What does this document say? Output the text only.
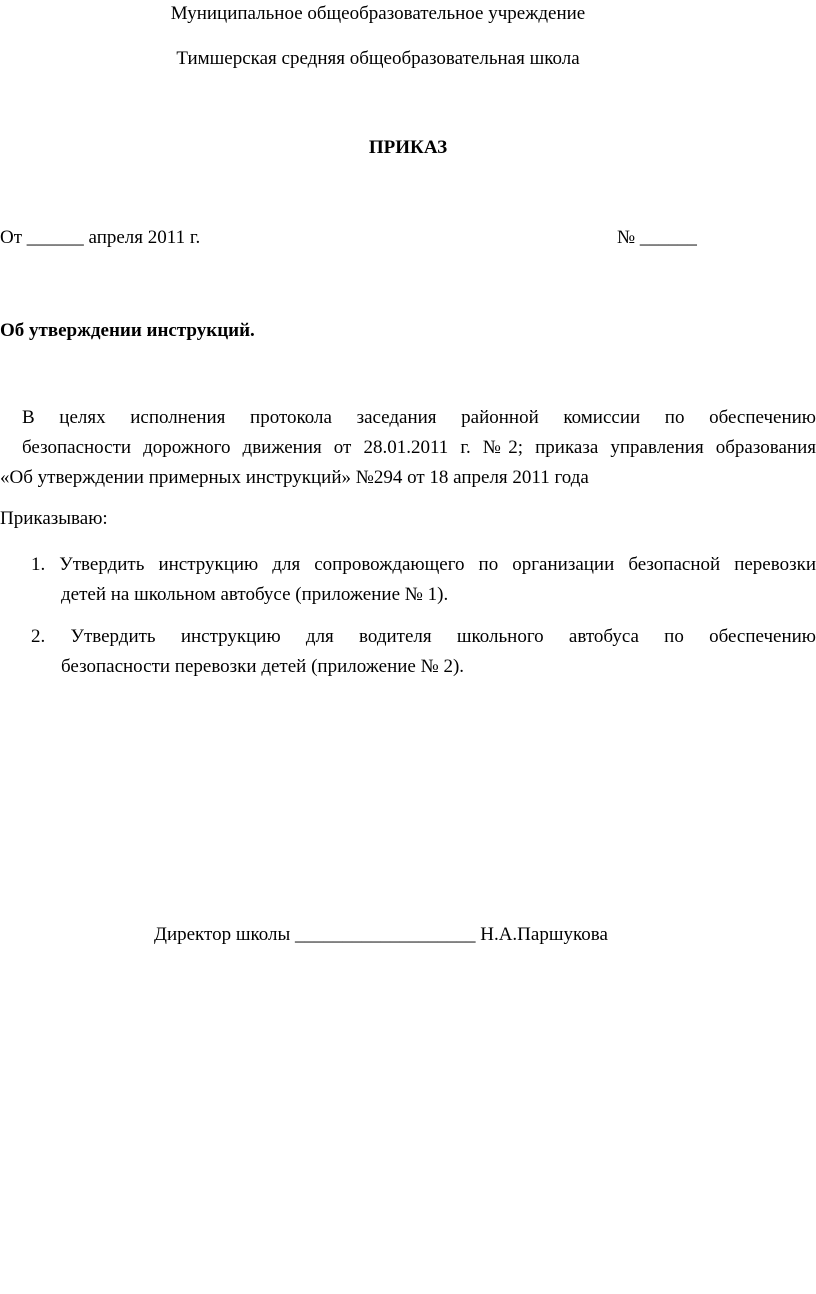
Муниципальное общеобразовательное учреждение
Тимшерская средняя общеобразовательная школа
ПРИКАЗ
От ______ апреля 2011 г.	№ ______
Об утверждении инструкций.
В целях исполнения протокола заседания районной комиссии по обеспечению
безопасности дорожного движения от 28.01.2011 г. №2; приказа управления образования
«Об утверждении примерных инструкций» №294 от 18 апреля 2011 года
Приказываю:
1. Утвердить инструкцию для сопровождающего по организации безопасной перевозки
детей на школьном автобусе (приложение № 1).
2. Утвердить инструкцию для водителя школьного автобуса по обеспечению
безопасности перевозки детей (приложение № 2).
Директор школы ___________________ Н.А.Паршукова
